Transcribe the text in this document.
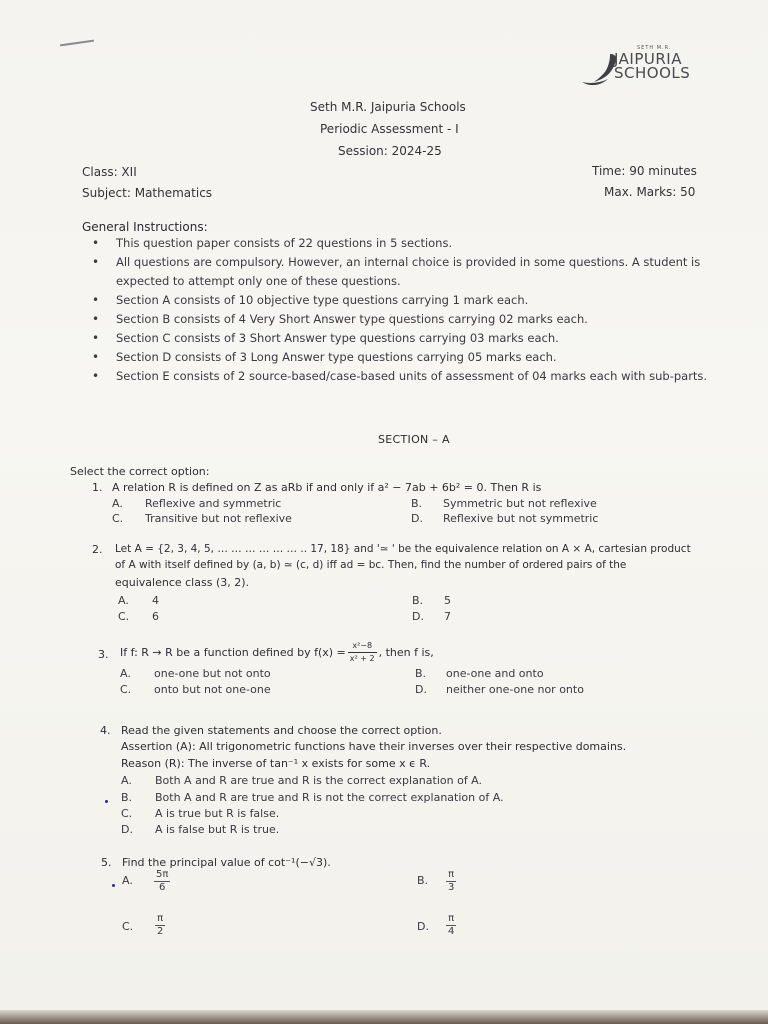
SETH M.R.
JAIPURIA
SCHOOLS
Seth M.R. Jaipuria Schools
Periodic Assessment - I
Session: 2024-25
Class: XII
Subject: Mathematics
Time: 90 minutes
Max. Marks: 50
General Instructions:
• This question paper consists of 22 questions in 5 sections.
• All questions are compulsory. However, an internal choice is provided in some questions. A student is expected to attempt only one of these questions.
• Section A consists of 10 objective type questions carrying 1 mark each.
• Section B consists of 4 Very Short Answer type questions carrying 02 marks each.
• Section C consists of 3 Short Answer type questions carrying 03 marks each.
• Section D consists of 3 Long Answer type questions carrying 05 marks each.
• Section E consists of 2 source-based/case-based units of assessment of 04 marks each with sub-parts.
SECTION – A
Select the correct option:
1. A relation R is defined on Z as aRb if and only if a² − 7ab + 6b² = 0. Then R is
A. Reflexive and symmetric	B. Symmetric but not reflexive
C. Transitive but not reflexive	D. Reflexive but not symmetric
2. Let A = {2, 3, 4, 5, … … … … … … .. 17, 18} and '≃ ' be the equivalence relation on A × A, cartesian product
of A with itself defined by (a, b) ≃ (c, d) iff ad = bc. Then, find the number of ordered pairs of the
equivalence class (3, 2).
A. 4	B. 5
C. 6	D. 7
3. If f: R → R be a function defined by $f(x) = \frac{\text{x²−8}}{\text{x² + 2}}$ , then f is,
A. one-one but not onto	B. one-one and onto
C. onto but not one-one	D. neither one-one nor onto
4. Read the given statements and choose the correct option.
Assertion (A): All trigonometric functions have their inverses over their respective domains.
Reason (R): The inverse of tan⁻¹ x exists for some x ϵ R.
A. Both A and R are true and R is the correct explanation of A.
B. Both A and R are true and R is not the correct explanation of A.
C. A is true but R is false.
D. A is false but R is true.
5. Find the principal value of cot⁻¹(−√3).
A. $\frac{5\pi}{6}$	B. $\frac{\pi}{3}$
C. $\frac{\pi}{2}$	D. $\frac{\pi}{4}$
